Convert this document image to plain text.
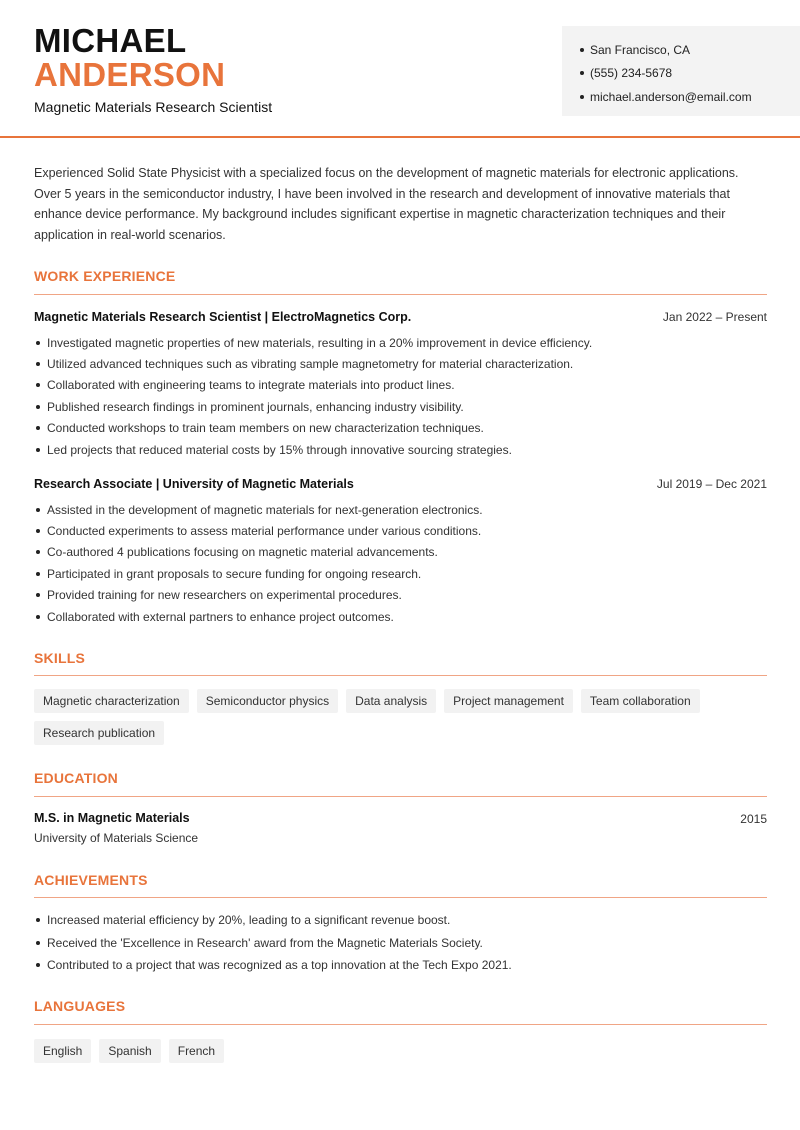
MICHAEL
ANDERSON
Magnetic Materials Research Scientist
San Francisco, CA
(555) 234-5678
michael.anderson@email.com
Experienced Solid State Physicist with a specialized focus on the development of magnetic materials for electronic applications. Over 5 years in the semiconductor industry, I have been involved in the research and development of innovative materials that enhance device performance. My background includes significant expertise in magnetic characterization techniques and their application in real-world scenarios.
WORK EXPERIENCE
Magnetic Materials Research Scientist | ElectroMagnetics Corp.	Jan 2022 – Present
Investigated magnetic properties of new materials, resulting in a 20% improvement in device efficiency.
Utilized advanced techniques such as vibrating sample magnetometry for material characterization.
Collaborated with engineering teams to integrate materials into product lines.
Published research findings in prominent journals, enhancing industry visibility.
Conducted workshops to train team members on new characterization techniques.
Led projects that reduced material costs by 15% through innovative sourcing strategies.
Research Associate | University of Magnetic Materials	Jul 2019 – Dec 2021
Assisted in the development of magnetic materials for next-generation electronics.
Conducted experiments to assess material performance under various conditions.
Co-authored 4 publications focusing on magnetic material advancements.
Participated in grant proposals to secure funding for ongoing research.
Provided training for new researchers on experimental procedures.
Collaborated with external partners to enhance project outcomes.
SKILLS
Magnetic characterization	Semiconductor physics	Data analysis	Project management	Team collaboration
Research publication
EDUCATION
M.S. in Magnetic Materials	2015
University of Materials Science
ACHIEVEMENTS
Increased material efficiency by 20%, leading to a significant revenue boost.
Received the 'Excellence in Research' award from the Magnetic Materials Society.
Contributed to a project that was recognized as a top innovation at the Tech Expo 2021.
LANGUAGES
English	Spanish	French
